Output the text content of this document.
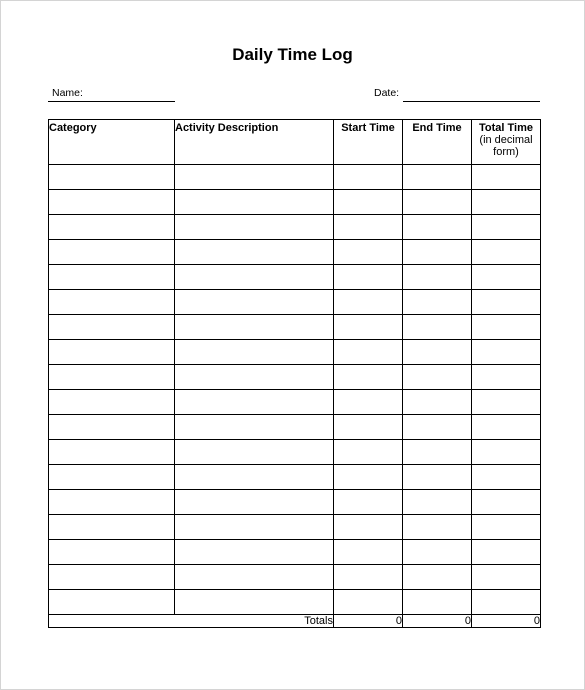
Daily Time Log
Name:	Date:
Category	Activity Description	Start Time	End Time	Total Time
(in decimal
form)

Totals		0	0	0
